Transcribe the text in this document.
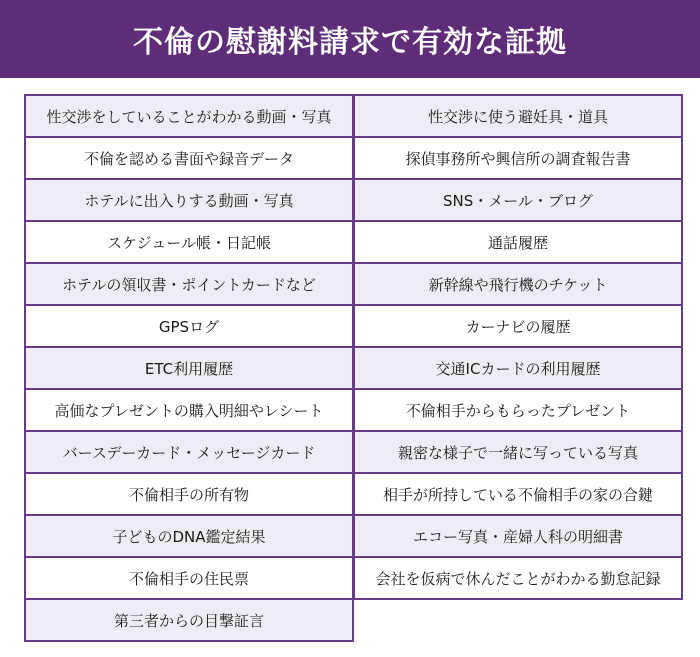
不倫の慰謝料請求で有効な証拠
性交渉をしていることがわかる動画・写真	性交渉に使う避妊具・道具
不倫を認める書面や録音データ	探偵事務所や興信所の調査報告書
ホテルに出入りする動画・写真	SNS・メール・ブログ
スケジュール帳・日記帳	通話履歴
ホテルの領収書・ポイントカードなど	新幹線や飛行機のチケット
GPSログ	カーナビの履歴
ETC利用履歴	交通ICカードの利用履歴
高価なプレゼントの購入明細やレシート	不倫相手からもらったプレゼント
バースデーカード・メッセージカード	親密な様子で一緒に写っている写真
不倫相手の所有物	相手が所持している不倫相手の家の合鍵
子どものDNA鑑定結果	エコー写真・産婦人科の明細書
不倫相手の住民票	会社を仮病で休んだことがわかる勤怠記録
第三者からの目撃証言
